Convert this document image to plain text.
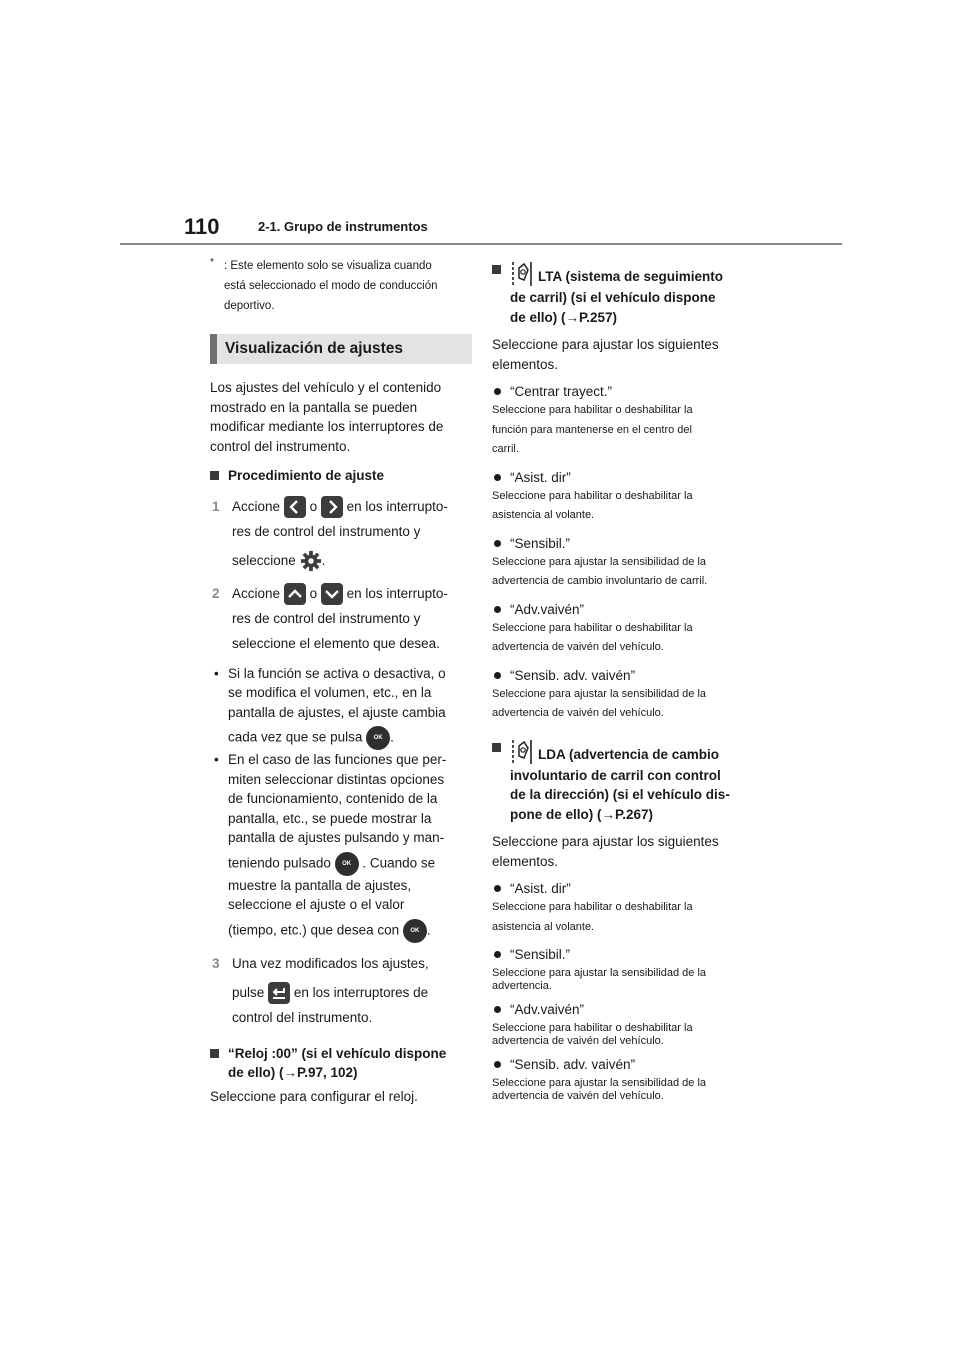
110	2-1. Grupo de instrumentos
* : Este elemento solo se visualiza cuando
está seleccionado el modo de conducción
deportivo.
Visualización de ajustes
Los ajustes del vehículo y el contenido
mostrado en la pantalla se pueden
modificar mediante los interruptores de
control del instrumento.
Procedimiento de ajuste
1 Accione o en los interrupto-
res de control del instrumento y
seleccione .
2 Accione o en los interrupto-
res de control del instrumento y
seleccione el elemento que desea.
• Si la función se activa o desactiva, o
se modifica el volumen, etc., en la
pantalla de ajustes, el ajuste cambia
cada vez que se pulsa OK .
• En el caso de las funciones que per-
miten seleccionar distintas opciones
de funcionamiento, contenido de la
pantalla, etc., se puede mostrar la
pantalla de ajustes pulsando y man-
teniendo pulsado OK . Cuando se
muestre la pantalla de ajustes,
seleccione el ajuste o el valor
(tiempo, etc.) que desea con OK .
3 Una vez modificados los ajustes,
pulse en los interruptores de
control del instrumento.
“Reloj :00” (si el vehículo dispone
de ello) (→P.97, 102)
Seleccione para configurar el reloj.
LTA (sistema de seguimiento
de carril) (si el vehículo dispone
de ello) (→P.257)
Seleccione para ajustar los siguientes
elementos.
“Centrar trayect.”
Seleccione para habilitar o deshabilitar la
función para mantenerse en el centro del
carril.
“Asist. dir”
Seleccione para habilitar o deshabilitar la
asistencia al volante.
“Sensibil.”
Seleccione para ajustar la sensibilidad de la
advertencia de cambio involuntario de carril.
“Adv.vaivén”
Seleccione para habilitar o deshabilitar la
advertencia de vaivén del vehículo.
“Sensib. adv. vaivén”
Seleccione para ajustar la sensibilidad de la
advertencia de vaivén del vehículo.
LDA (advertencia de cambio
involuntario de carril con control
de la dirección) (si el vehículo dis-
pone de ello) (→P.267)
Seleccione para ajustar los siguientes
elementos.
“Asist. dir”
Seleccione para habilitar o deshabilitar la
asistencia al volante.
“Sensibil.”
Seleccione para ajustar la sensibilidad de la
advertencia.
“Adv.vaivén”
Seleccione para habilitar o deshabilitar la
advertencia de vaivén del vehículo.
“Sensib. adv. vaivén”
Seleccione para ajustar la sensibilidad de la
advertencia de vaivén del vehículo.
